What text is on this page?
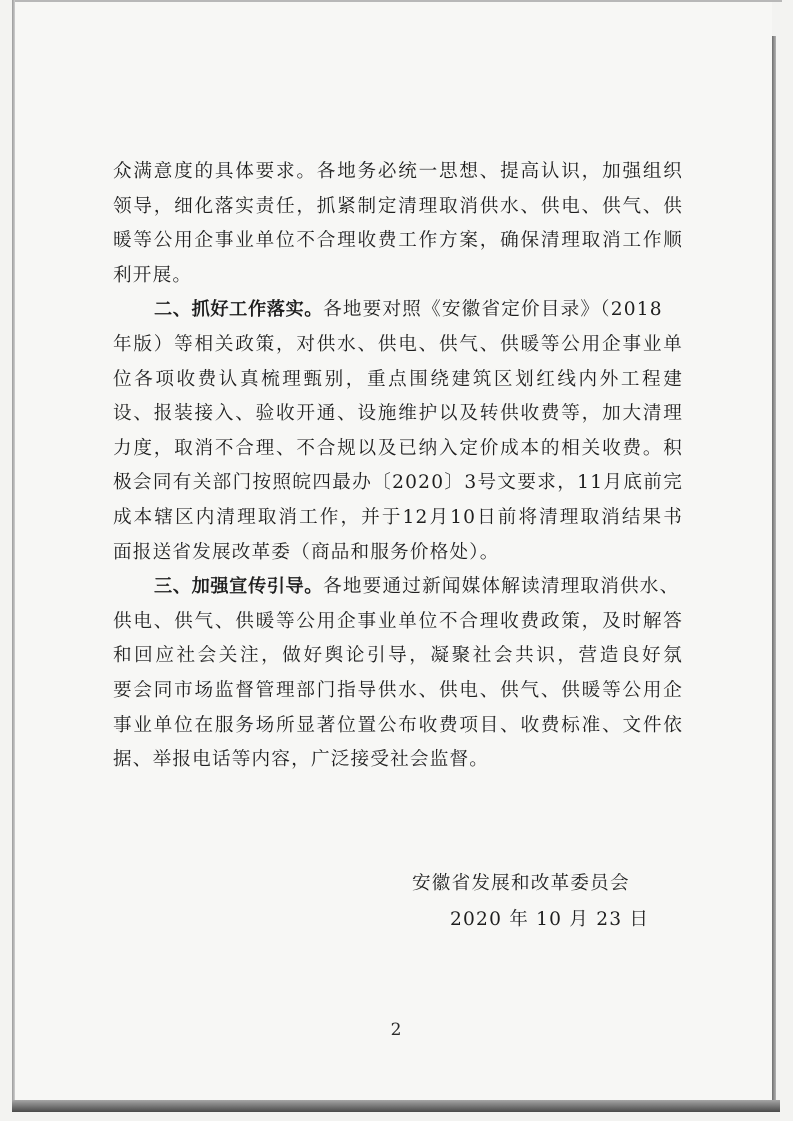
众满意度的具体要求。各地务必统一思想、提高认识，加强组织
领导，细化落实责任，抓紧制定清理取消供水、供电、供气、供
暖等公用企事业单位不合理收费工作方案，确保清理取消工作顺
利开展。
二、抓好工作落实。各地要对照《安徽省定价目录》（2018
年版）等相关政策，对供水、供电、供气、供暖等公用企事业单
位各项收费认真梳理甄别，重点围绕建筑区划红线内外工程建
设、报装接入、验收开通、设施维护以及转供收费等，加大清理
力度，取消不合理、不合规以及已纳入定价成本的相关收费。积
极会同有关部门按照皖四最办〔2020〕3号文要求，11月底前完
成本辖区内清理取消工作，并于12月10日前将清理取消结果书
面报送省发展改革委（商品和服务价格处）。
三、加强宣传引导。各地要通过新闻媒体解读清理取消供水、
供电、供气、供暖等公用企事业单位不合理收费政策，及时解答
和回应社会关注，做好舆论引导，凝聚社会共识，营造良好氛
要会同市场监督管理部门指导供水、供电、供气、供暖等公用企
事业单位在服务场所显著位置公布收费项目、收费标准、文件依
据、举报电话等内容，广泛接受社会监督。
安徽省发展和改革委员会
2020 年 10 月 23 日
2
